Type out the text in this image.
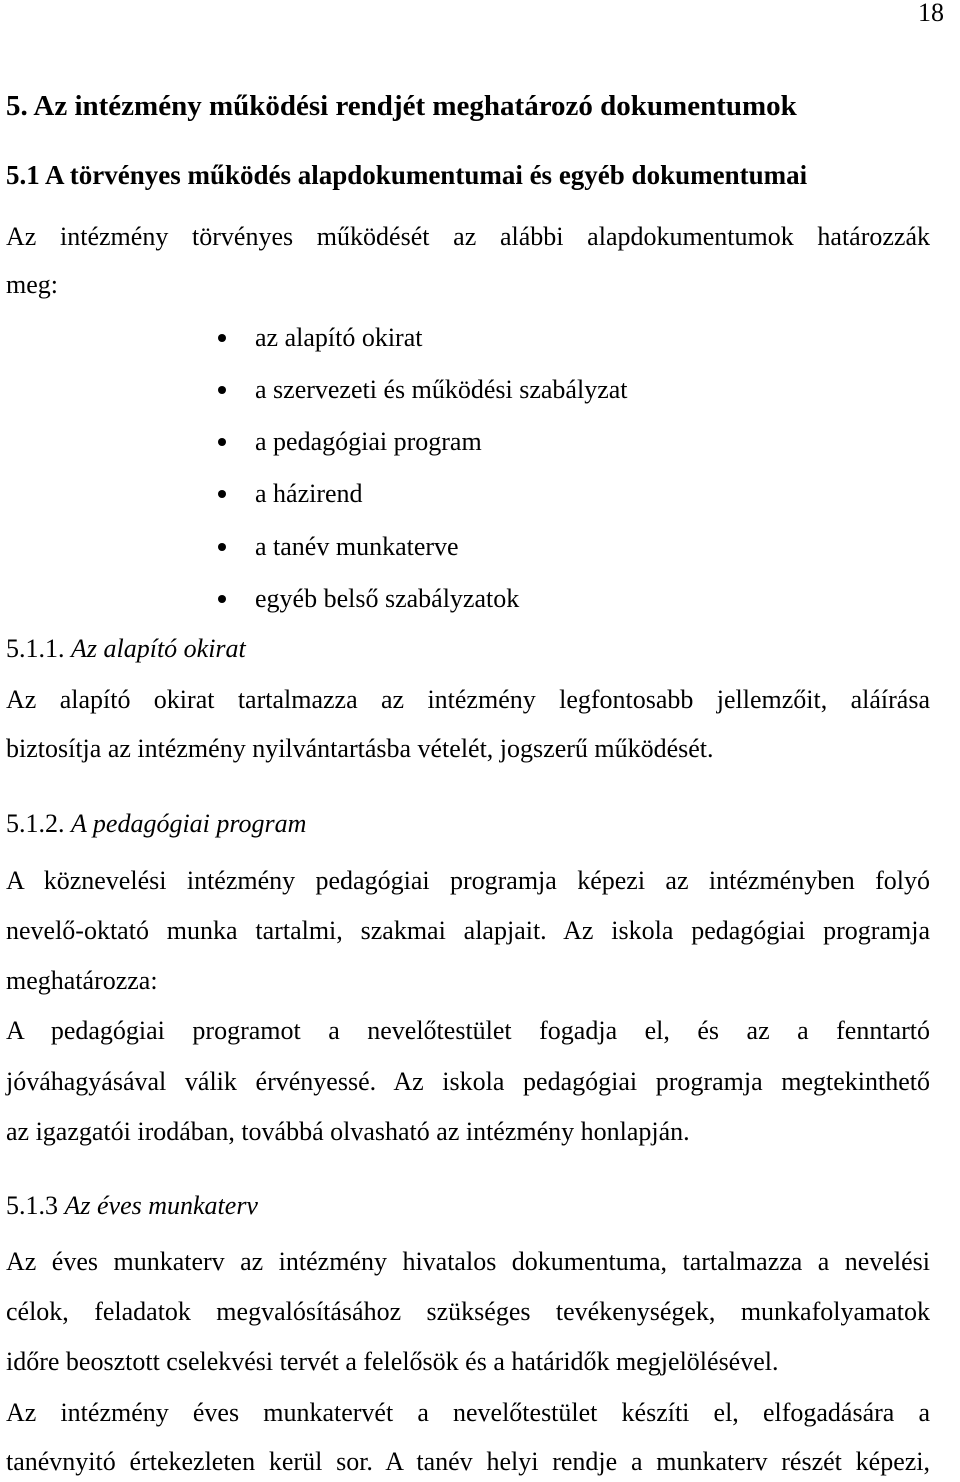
18
5. Az intézmény működési rendjét meghatározó dokumentumok
5.1 A törvényes működés alapdokumentumai és egyéb dokumentumai
Az intézmény törvényes működését az alábbi alapdokumentumok határozzák
meg:
az alapító okirat
a szervezeti és működési szabályzat
a pedagógiai program
a házirend
a tanév munkaterve
egyéb belső szabályzatok
5.1.1. Az alapító okirat
Az alapító okirat tartalmazza az intézmény legfontosabb jellemzőit, aláírása
biztosítja az intézmény nyilvántartásba vételét, jogszerű működését.
5.1.2. A pedagógiai program
A köznevelési intézmény pedagógiai programja képezi az intézményben folyó
nevelő-oktató munka tartalmi, szakmai alapjait. Az iskola pedagógiai programja
meghatározza:
A pedagógiai programot a nevelőtestület fogadja el, és az a fenntartó
jóváhagyásával válik érvényessé. Az iskola pedagógiai programja megtekinthető
az igazgatói irodában, továbbá olvasható az intézmény honlapján.
5.1.3 Az éves munkaterv
Az éves munkaterv az intézmény hivatalos dokumentuma, tartalmazza a nevelési
célok, feladatok megvalósításához szükséges tevékenységek, munkafolyamatok
időre beosztott cselekvési tervét a felelősök és a határidők megjelölésével.
Az intézmény éves munkatervét a nevelőtestület készíti el, elfogadására a
tanévnyitó értekezleten kerül sor. A tanév helyi rendje a munkaterv részét képezi,
